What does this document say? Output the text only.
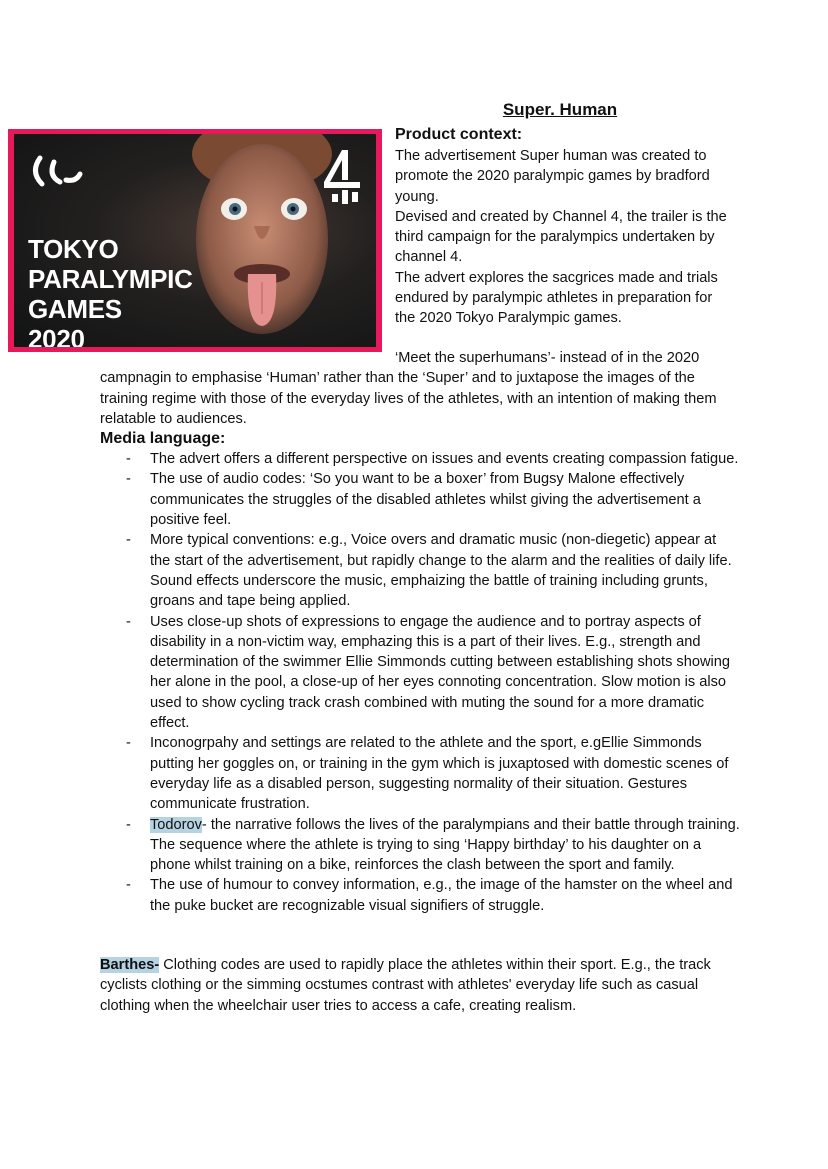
Super. Human

TOKYO
PARALYMPIC
GAMES
2020

Product context:

The advertisement Super human was created to promote the 2020 paralympic games by bradford young.

Devised and created by Channel 4, the trailer is the third campaign for the paralympics undertaken by channel 4.

The advert explores the sacgrices made and trials endured by paralympic athletes in preparation for the 2020 Tokyo Paralympic games.

‘Meet the superhumans’- instead of in the 2020

campnagin to emphasise ‘Human’ rather than the ‘Super’ and to juxtapose the images of the training regime with those of the everyday lives of the athletes, with an intention of making them relatable to audiences.

Media language:
- The advert offers a different perspective on issues and events creating compassion fatigue.
- The use of audio codes: ‘So you want to be a boxer’ from Bugsy Malone effectively communicates the struggles of the disabled athletes whilst giving the advertisement a positive feel.
- More typical conventions: e.g., Voice overs and dramatic music (non-diegetic) appear at the start of the advertisement, but rapidly change to the alarm and the realities of daily life. Sound effects underscore the music, emphaizing the battle of training including grunts, groans and tape being applied.
- Uses close-up shots of expressions to engage the audience and to portray aspects of disability in a non-victim way, emphazing this is a part of their lives. E.g., strength and determination of the swimmer Ellie Simmonds cutting between establishing shots showing her alone in the pool, a close-up of her eyes connoting concentration. Slow motion is also used to show cycling track crash combined with muting the sound for a more dramatic effect.
- Inconogrpahy and settings are related to the athlete and the sport, e.gEllie Simmonds putting her goggles on, or training in the gym which is juxaptosed with domestic scenes of everyday life as a disabled person, suggesting normality of their situation. Gestures communicate frustration.
- Todorov- the narrative follows the lives of the paralympians and their battle through training. The sequence where the athlete is trying to sing ‘Happy birthday’ to his daughter on a phone whilst training on a bike, reinforces the clash between the sport and family.
- The use of humour to convey information, e.g., the image of the hamster on the wheel and the puke bucket are recognizable visual signifiers of struggle.

Barthes- Clothing codes are used to rapidly place the athletes within their sport. E.g., the track cyclists clothing or the simming ocstumes contrast with athletes' everyday life such as casual clothing when the wheelchair user tries to access a cafe, creating realism.
